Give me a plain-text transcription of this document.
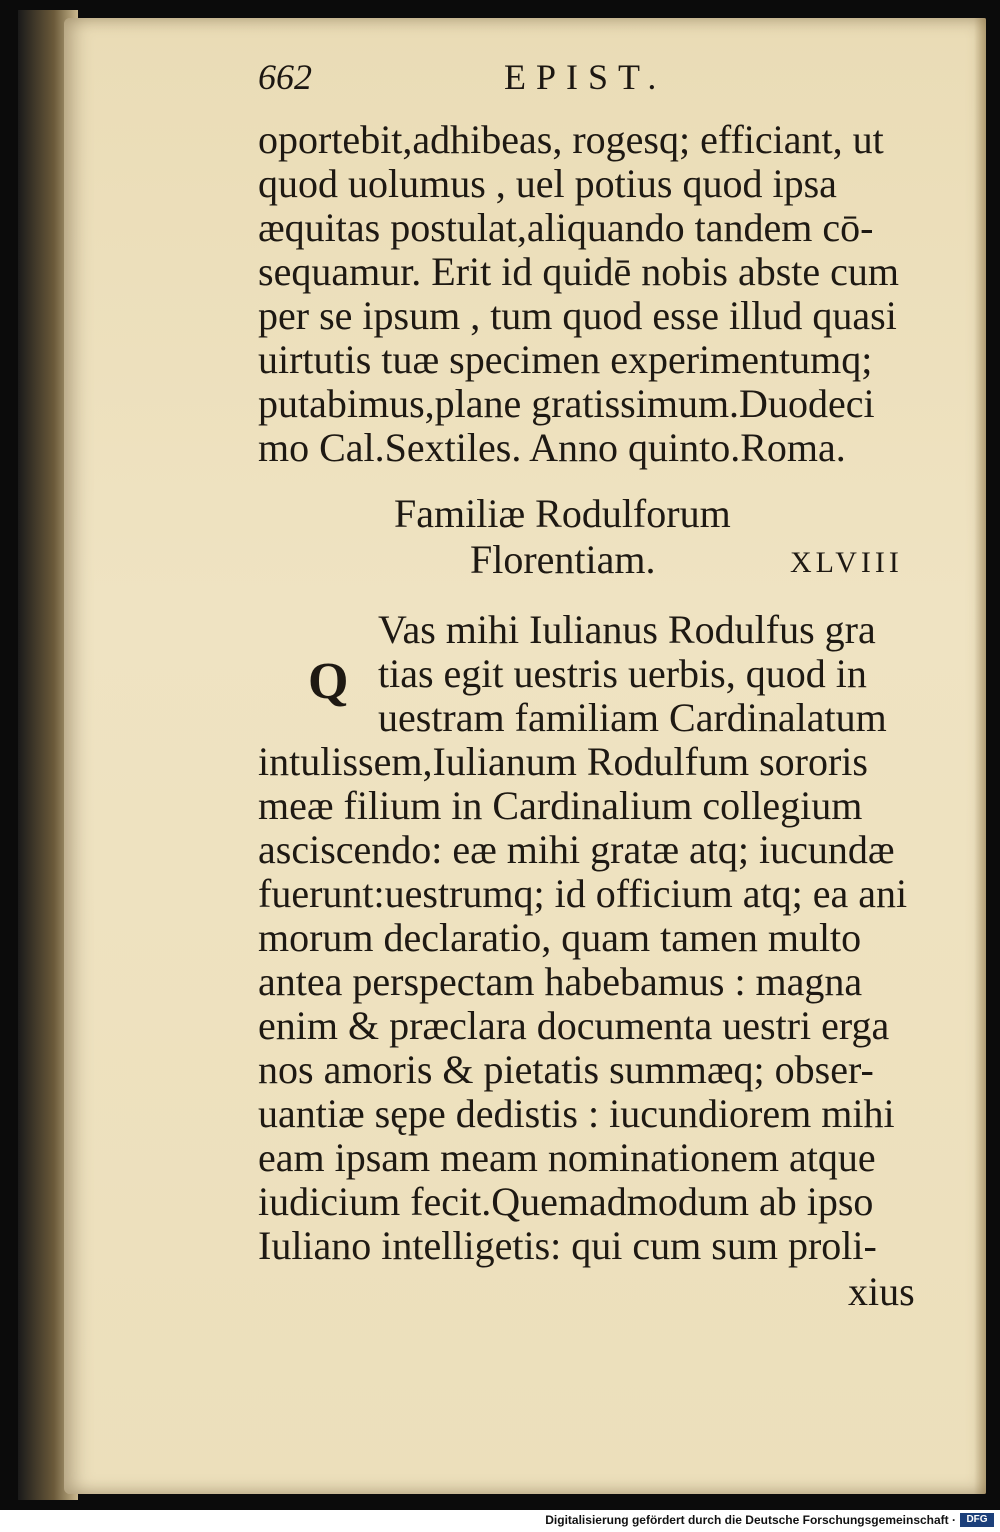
662	EPIST.
oportebit,adhibeas, rogesq; efficiant, ut
quod uolumus , uel potius quod ipsa
æquitas postulat,aliquando tandem cō-
sequamur. Erit id quidē nobis abste cum
per se ipsum , tum quod esse illud quasi
uirtutis tuæ specimen experimentumq;
putabimus,plane gratissimum.Duodeci
mo Cal.Sextiles. Anno quinto.Roma.
Familiæ Rodulforum
Florentiam.	XLVIII
Q
Vas mihi Iulianus Rodulfus gra
tias egit uestris uerbis, quod in
uestram familiam Cardinalatum
intulissem,Iulianum Rodulfum sororis
meæ filium in Cardinalium collegium
asciscendo: eæ mihi gratæ atq; iucundæ
fuerunt:uestrumq; id officium atq; ea ani
morum declaratio, quam tamen multo
antea perspectam habebamus : magna
enim & præclara documenta uestri erga
nos amoris & pietatis summæq; obser-
uantiæ sępe dedistis : iucundiorem mihi
eam ipsam meam nominationem atque
iudicium fecit.Quemadmodum ab ipso
Iuliano intelligetis: qui cum sum proli-
xius
Digitalisierung gefördert durch die Deutsche Forschungsgemeinschaft ·	DFG
